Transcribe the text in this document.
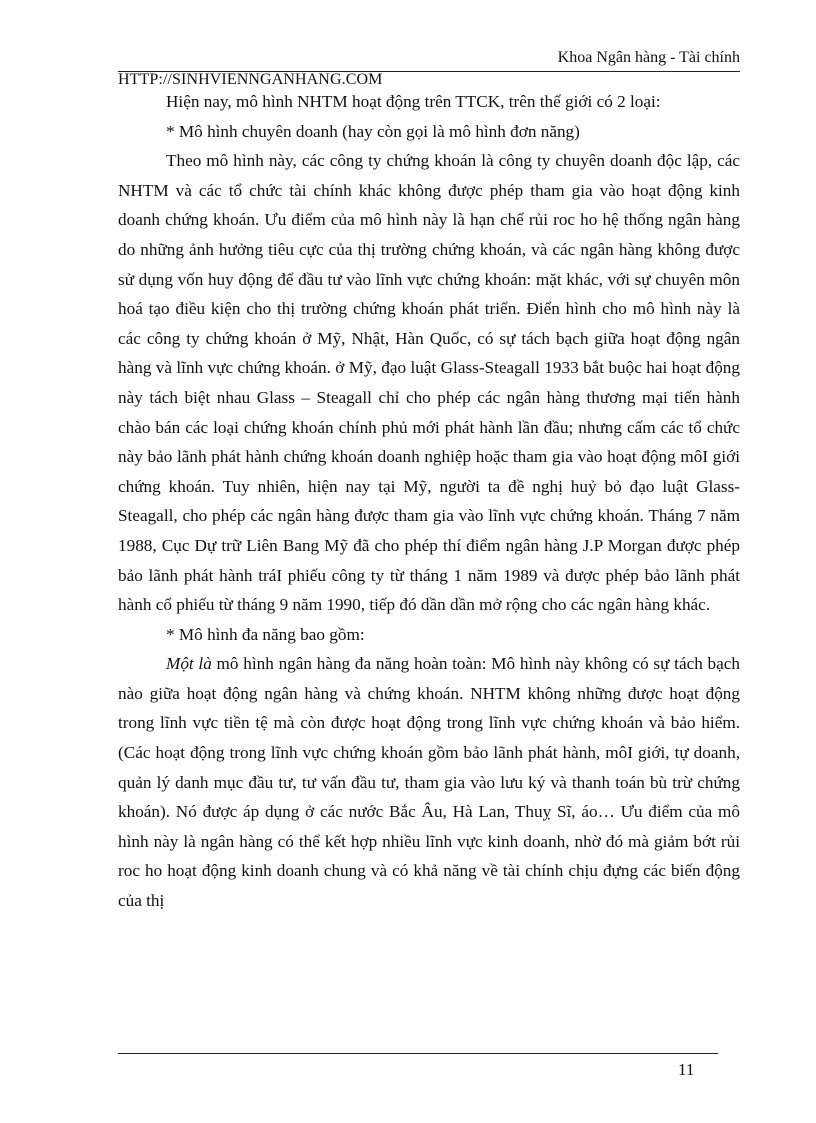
Khoa Ngân hàng - Tài chính
HTTP://SINHVIENNGANHANG.COM

Hiện nay, mô hình NHTM hoạt động trên TTCK, trên thế giới có 2 loại:

* Mô hình chuyên doanh (hay còn gọi là mô hình đơn năng)

Theo mô hình này, các công ty chứng khoán là công ty chuyên doanh độc lập, các NHTM và các tổ chức tài chính khác không được phép tham gia vào hoạt động kinh doanh chứng khoán. Ưu điểm của mô hình này là hạn chế rủi roc ho hệ thống ngân hàng do những ảnh hưởng tiêu cực của thị trường chứng khoán, và các ngân hàng không được sử dụng vốn huy động để đầu tư vào lĩnh vực chứng khoán: mặt khác, với sự chuyên môn hoá tạo điều kiện cho thị trường chứng khoán phát triển. Điển hình cho mô hình này là các công ty chứng khoán ở Mỹ, Nhật, Hàn Quốc, có sự tách bạch giữa hoạt động ngân hàng và lĩnh vực chứng khoán. ở Mỹ, đạo luật Glass-Steagall 1933 bắt buộc hai hoạt động này tách biệt nhau Glass – Steagall chỉ cho phép các ngân hàng thương mại tiến hành chào bán các loại chứng khoán chính phủ mới phát hành lần đầu; nhưng cấm các tổ chức này bảo lãnh phát hành chứng khoán doanh nghiệp hoặc tham gia vào hoạt động môI giới chứng khoán. Tuy nhiên, hiện nay tại Mỹ, người ta đề nghị huỷ bỏ đạo luật Glass-Steagall, cho phép các ngân hàng được tham gia vào lĩnh vực chứng khoán. Tháng 7 năm 1988, Cục Dự trữ Liên Bang Mỹ đã cho phép thí điểm ngân hàng J.P Morgan được phép bảo lãnh phát hành tráI phiếu công ty từ tháng 1 năm 1989 và được phép bảo lãnh phát hành cổ phiếu từ tháng 9 năm 1990, tiếp đó dần dần mở rộng cho các ngân hàng khác.

* Mô hình đa năng bao gồm:

Một là mô hình ngân hàng đa năng hoàn toàn: Mô hình này không có sự tách bạch nào giữa hoạt động ngân hàng và chứng khoán. NHTM không những được hoạt động trong lĩnh vực tiền tệ mà còn được hoạt động trong lĩnh vực chứng khoán và bảo hiểm. (Các hoạt động trong lĩnh vực chứng khoán gồm bảo lãnh phát hành, môI giới, tự doanh, quản lý danh mục đầu tư, tư vấn đầu tư, tham gia vào lưu ký và thanh toán bù trừ chứng khoán). Nó được áp dụng ở các nước Bắc Âu, Hà Lan, Thuỵ Sĩ, áo… Ưu điểm của mô hình này là ngân hàng có thể kết hợp nhiều lĩnh vực kinh doanh, nhờ đó mà giảm bớt rủi roc ho hoạt động kinh doanh chung và có khả năng về tài chính chịu đựng các biến động của thị

11
